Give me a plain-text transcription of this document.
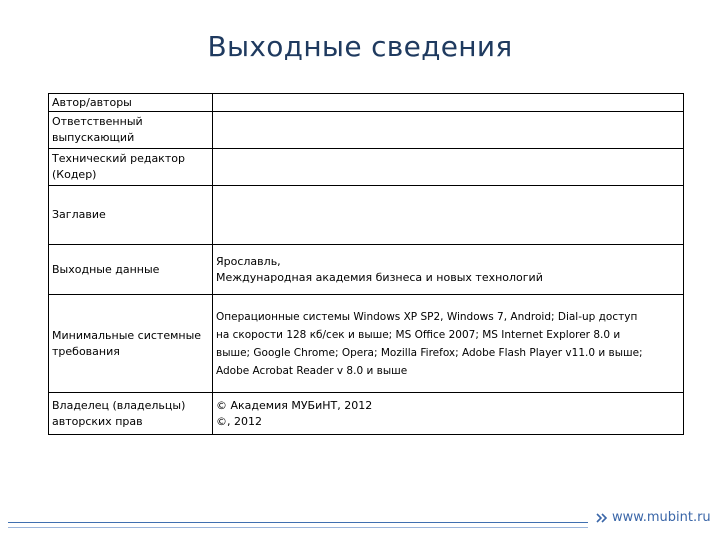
Выходные сведения
Автор/авторы	

Ответственный
выпускающий	

Технический редактор
(Кодер)	

Заглавие	

Выходные данные	Ярославль,
Международная академия бизнеса и новых технологий

Минимальные системные
требования	Операционные системы Windows XP SP2, Windows 7, Android; Dial-up доступ
на скорости 128 кб/сек и выше; MS Office 2007; MS Internet Explorer 8.0 и
выше; Google Chrome; Opera; Mozilla Firefox; Adobe Flash Player v11.0 и выше;
Adobe Acrobat Reader v 8.0 и выше

Владелец (владельцы)
авторских прав	© Академия МУБиНТ, 2012
©, 2012
www.mubint.ru
